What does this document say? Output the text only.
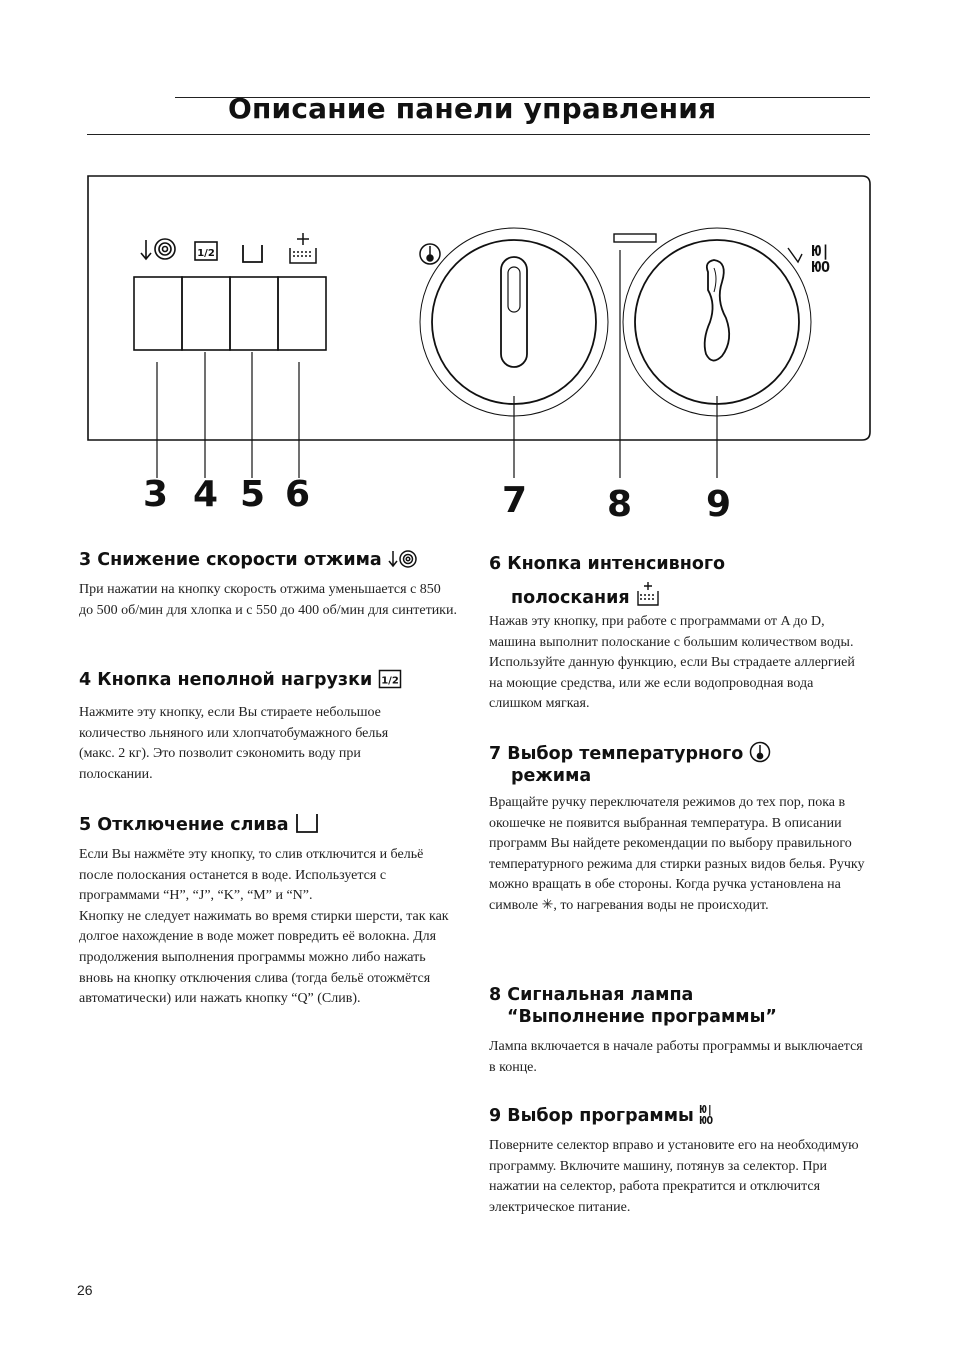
Описание панели управления
1/2	Ю|
ЮО
3 4 5 6	7 8 9
3 Снижение скорости отжима

При нажатии на кнопку скорость отжима уменьшается с 850 до 500 об/мин для хлопка и с 550 до 400 об/мин для синтетики.

4 Кнопка неполной нагрузки 1/2

Нажмите эту кнопку, если Вы стираете небольшое количество льняного или хлопчатобумажного белья (макс. 2 кг). Это позволит сэкономить воду при полоскании.

5 Отключение слива

Если Вы нажмёте эту кнопку, то слив отключится и бельё после полоскания останется в воде. Используется с программами “H”, “J”, “K”, “M” и “N”.

Кнопку не следует нажимать во время стирки шерсти, так как долгое нахождение в воде может повредить её волокна. Для продолжения выполнения программы можно либо нажать вновь на кнопку отключения слива (тогда бельё отожмётся автоматически) или нажать кнопку “Q” (Слив).

6 Кнопка интенсивного
полоскания

Нажав эту кнопку, при работе с программами от A до D, машина выполнит полоскание с большим количеством воды. Используйте данную функцию, если Вы страдаете аллергией на моющие средства, или же если водопроводная вода слишком мягкая.

7 Выбор температурного
режима

Вращайте ручку переключателя режимов до тех пор, пока в окошечке не появится выбранная температура. В описании программ Вы найдете рекомендации по выбору правильного температурного режима для стирки разных видов белья. Ручку можно вращать в обе стороны. Когда ручка установлена на символе ✳, то нагревания воды не происходит.

8 Сигнальная лампа
“Выполнение программы”

Лампа включается в начале работы программы и выключается в конце.

9 Выбор программы Ю|
ЮО

Поверните селектор вправо и установите его на необходимую программу. Включите машину, потянув за селектор. При нажатии на селектор, работа прекратится и отключится электрическое питание.

26
